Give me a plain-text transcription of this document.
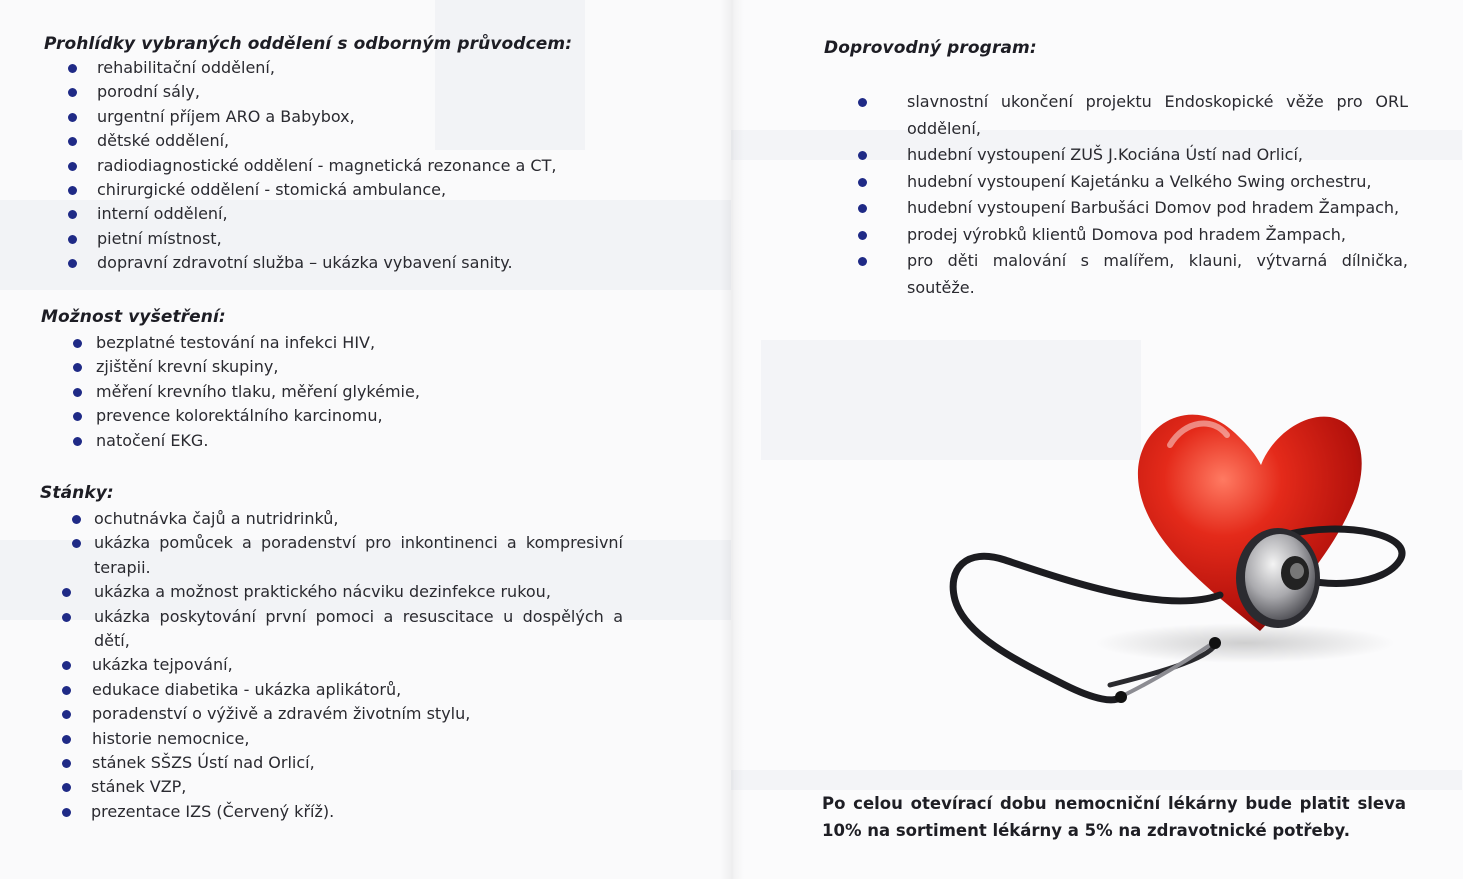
Prohlídky vybraných oddělení s odborným průvodcem:
rehabilitační oddělení,
porodní sály,
urgentní příjem ARO a Babybox,
dětské oddělení,
radiodiagnostické oddělení - magnetická rezonance a CT,
chirurgické oddělení - stomická ambulance,
interní oddělení,
pietní místnost,
dopravní zdravotní služba – ukázka vybavení sanity.
Možnost vyšetření:
bezplatné testování na infekci HIV,
zjištění krevní skupiny,
měření krevního tlaku, měření glykémie,
prevence kolorektálního karcinomu,
natočení EKG.
Stánky:
ochutnávka čajů a nutridrinků,
ukázka pomůcek a poradenství pro inkontinenci a kompresivní terapii.
ukázka a možnost praktického nácviku dezinfekce rukou,
ukázka poskytování první pomoci a resuscitace u dospělých a dětí,
ukázka tejpování,
edukace diabetika - ukázka aplikátorů,
poradenství o výživě a zdravém životním stylu,
historie nemocnice,
stánek SŠZS Ústí nad Orlicí,
stánek VZP,
prezentace IZS (Červený kříž).
Doprovodný program:
slavnostní ukončení projektu Endoskopické věže pro ORL oddělení,
hudební vystoupení ZUŠ J.Kociána Ústí nad Orlicí,
hudební vystoupení Kajetánku a Velkého Swing orchestru,
hudební vystoupení Barbušáci Domov pod hradem Žampach,
prodej výrobků klientů Domova pod hradem Žampach,
pro děti malování s malířem, klauni, výtvarná dílnička, soutěže.

Po celou otevírací dobu nemocniční lékárny bude platit sleva 10% na sortiment lékárny a 5% na zdravotnické potřeby.
